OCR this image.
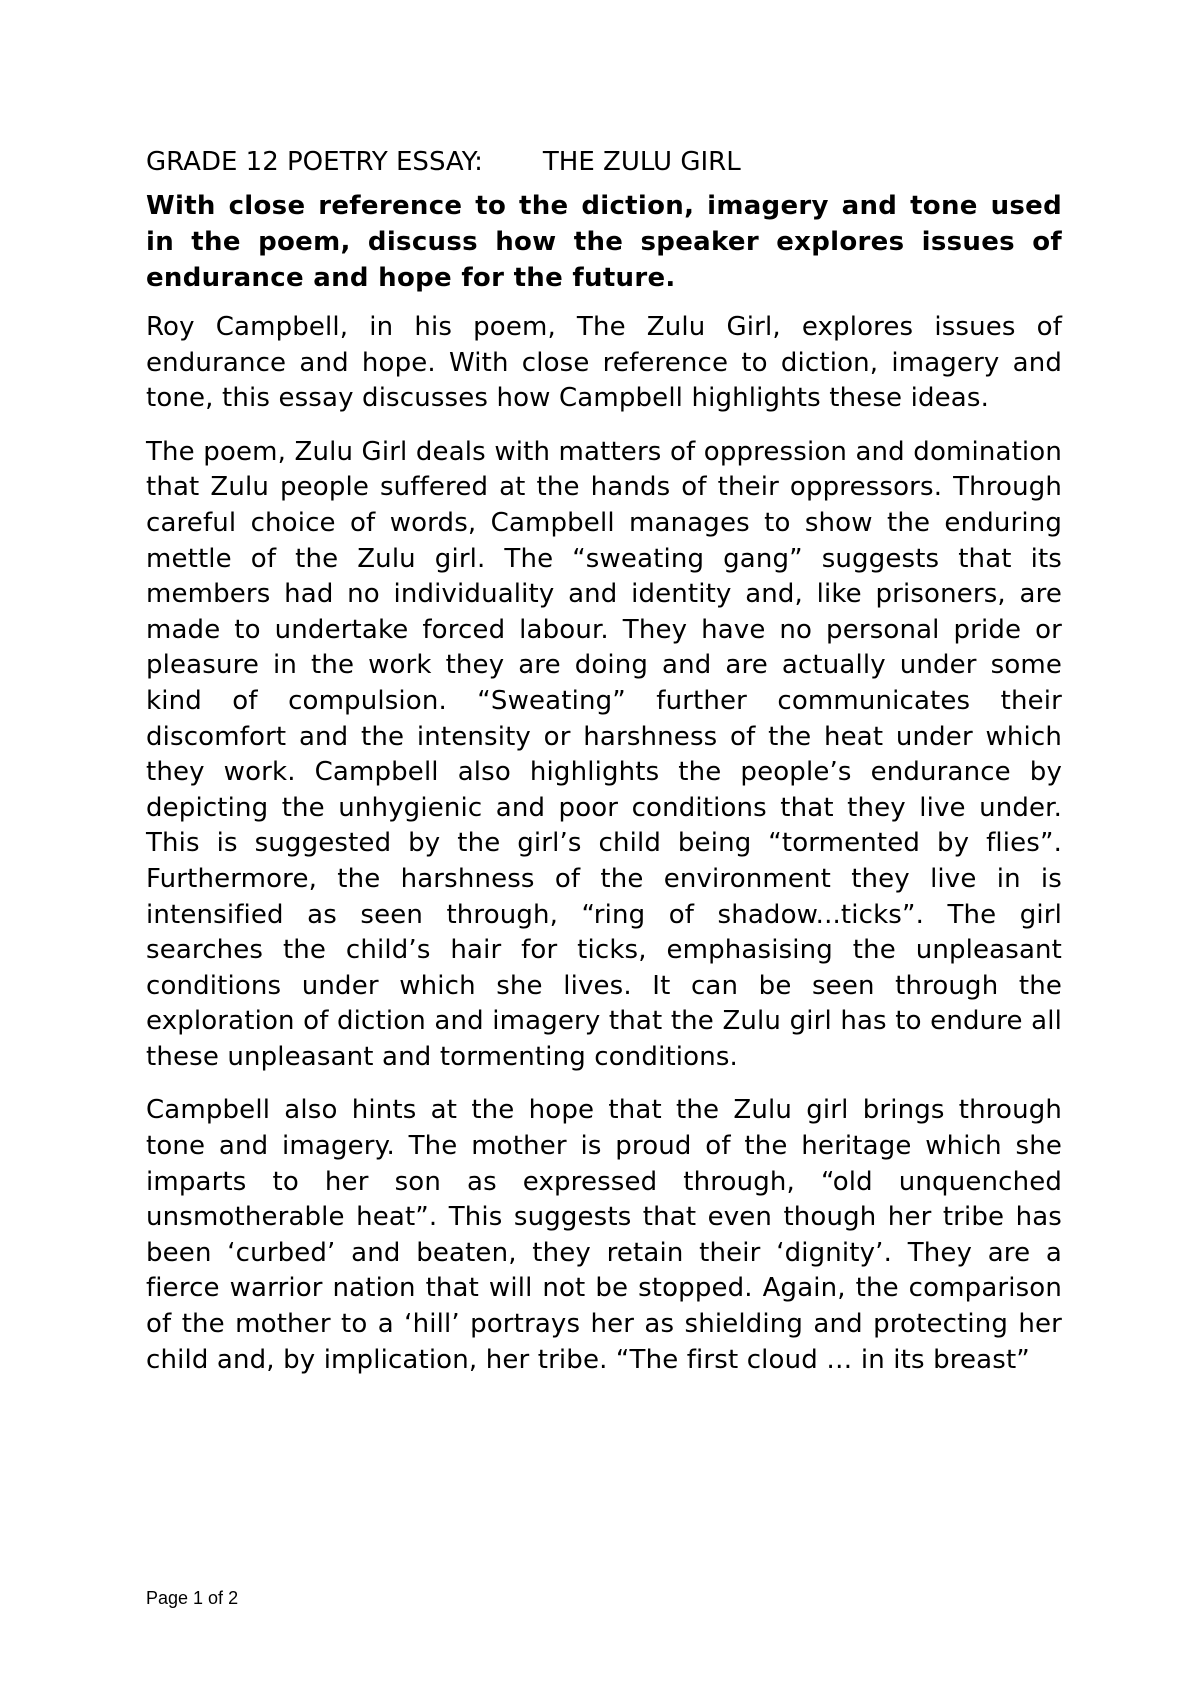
GRADE 12 POETRY ESSAY: THE ZULU GIRL
With close reference to the diction, imagery and tone used in the poem, discuss how the speaker explores issues of endurance and hope for the future.

Roy Campbell, in his poem, The Zulu Girl, explores issues of endurance and hope. With close reference to diction, imagery and tone, this essay discusses how Campbell highlights these ideas.

The poem, Zulu Girl deals with matters of oppression and domination that Zulu people suffered at the hands of their oppressors. Through careful choice of words, Campbell manages to show the enduring mettle of the Zulu girl. The “sweating gang” suggests that its members had no individuality and identity and, like prisoners, are made to undertake forced labour. They have no personal pride or pleasure in the work they are doing and are actually under some kind of compulsion. “Sweating” further communicates their discomfort and the intensity or harshness of the heat under which they work. Campbell also highlights the people’s endurance by depicting the unhygienic and poor conditions that they live under. This is suggested by the girl’s child being “tormented by flies”. Furthermore, the harshness of the environment they live in is intensified as seen through, “ring of shadow...ticks”. The girl searches the child’s hair for ticks, emphasising the unpleasant conditions under which she lives. It can be seen through the exploration of diction and imagery that the Zulu girl has to endure all these unpleasant and tormenting conditions.

Campbell also hints at the hope that the Zulu girl brings through tone and imagery. The mother is proud of the heritage which she imparts to her son as expressed through, “old unquenched unsmotherable heat”. This suggests that even though her tribe has been ‘curbed’ and beaten, they retain their ‘dignity’. They are a fierce warrior nation that will not be stopped. Again, the comparison of the mother to a ‘hill’ portrays her as shielding and protecting her child and, by implication, her tribe. “The first cloud … in its breast”

Page 1 of 2
